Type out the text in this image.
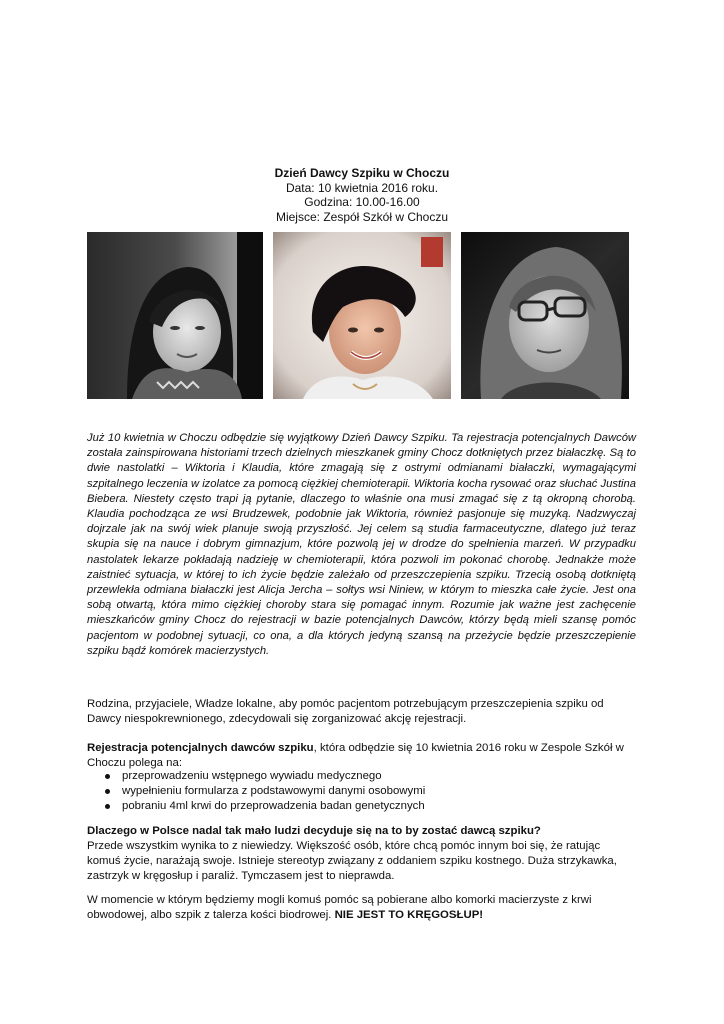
Dzień Dawcy Szpiku w Choczu
Data: 10 kwietnia 2016 roku.
Godzina: 10.00-16.00
Miejsce: Zespół Szkół w Choczu

Już 10 kwietnia w Choczu odbędzie się wyjątkowy Dzień Dawcy Szpiku. Ta rejestracja potencjalnych Dawców została zainspirowana historiami trzech dzielnych mieszkanek gminy Chocz dotkniętych przez białaczkę. Są to dwie nastolatki – Wiktoria i Klaudia, które zmagają się z ostrymi odmianami białaczki, wymagającymi szpitalnego leczenia w izolatce za pomocą ciężkiej chemioterapii. Wiktoria kocha rysować oraz słuchać Justina Biebera. Niestety często trapi ją pytanie, dlaczego to właśnie ona musi zmagać się z tą okropną chorobą. Klaudia pochodząca ze wsi Brudzewek, podobnie jak Wiktoria, również pasjonuje się muzyką. Nadzwyczaj dojrzale jak na swój wiek planuje swoją przyszłość. Jej celem są studia farmaceutyczne, dlatego już teraz skupia się na nauce i dobrym gimnazjum, które pozwolą jej w drodze do spełnienia marzeń. W przypadku nastolatek lekarze pokładają nadzieję w chemioterapii, która pozwoli im pokonać chorobę. Jednakże może zaistnieć sytuacja, w której to ich życie będzie zależało od przeszczepienia szpiku. Trzecią osobą dotkniętą przewlekła odmiana białaczki jest Alicja Jercha – sołtys wsi Niniew, w którym to mieszka całe życie. Jest ona sobą otwartą, która mimo ciężkiej choroby stara się pomagać innym. Rozumie jak ważne jest zachęcenie mieszkańców gminy Chocz do rejestracji w bazie potencjalnych Dawców, którzy będą mieli szansę pomóc pacjentom w podobnej sytuacji, co ona, a dla których jedyną szansą na przeżycie będzie przeszczepienie szpiku bądź komórek macierzystych.

Rodzina, przyjaciele, Władze lokalne, aby pomóc pacjentom potrzebującym przeszczepienia szpiku od Dawcy niespokrewnionego, zdecydowali się zorganizować akcję rejestracji.

Rejestracja potencjalnych dawców szpiku, która odbędzie się 10 kwietnia 2016 roku w Zespole Szkół w Choczu polega na:

przeprowadzeniu wstępnego wywiadu medycznego
wypełnieniu formularza z podstawowymi danymi osobowymi
pobraniu 4ml krwi do przeprowadzenia badan genetycznych

Dlaczego w Polsce nadal tak mało ludzi decyduje się na to by zostać dawcą szpiku?
Przede wszystkim wynika to z niewiedzy. Większość osób, które chcą pomóc innym boi się, że ratując komuś życie, narażają swoje. Istnieje stereotyp związany z oddaniem szpiku kostnego. Duża strzykawka, zastrzyk w kręgosłup i paraliż. Tymczasem jest to nieprawda.

W momencie w którym będziemy mogli komuś pomóc są pobierane albo komorki macierzyste z krwi obwodowej, albo szpik z talerza kości biodrowej. NIE JEST TO KRĘGOSŁUP!
